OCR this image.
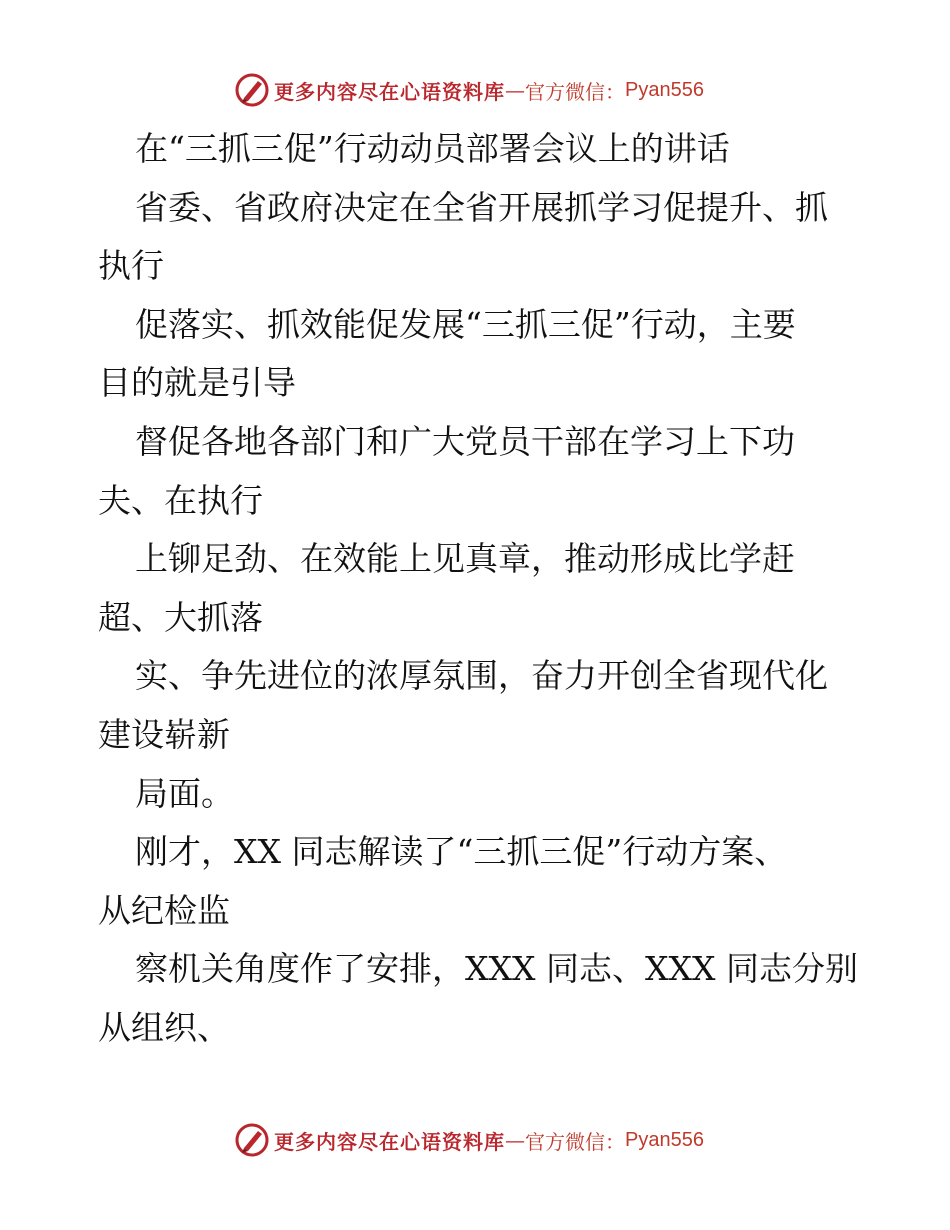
更多内容尽在心语资料库 — 官方微信： Pyan556
在“三抓三促”行动动员部署会议上的讲话
省委、省政府决定在全省开展抓学习促提升、抓
执行
促落实、抓效能促发展“三抓三促”行动，主要
目的就是引导
督促各地各部门和广大党员干部在学习上下功
夫、在执行
上铆足劲、在效能上见真章，推动形成比学赶
超、大抓落
实、争先进位的浓厚氛围，奋力开创全省现代化
建设崭新
局面。
刚才，XX 同志解读了“三抓三促”行动方案、
从纪检监
察机关角度作了安排，XXX 同志、XXX 同志分别
从组织、
更多内容尽在心语资料库 — 官方微信： Pyan556
